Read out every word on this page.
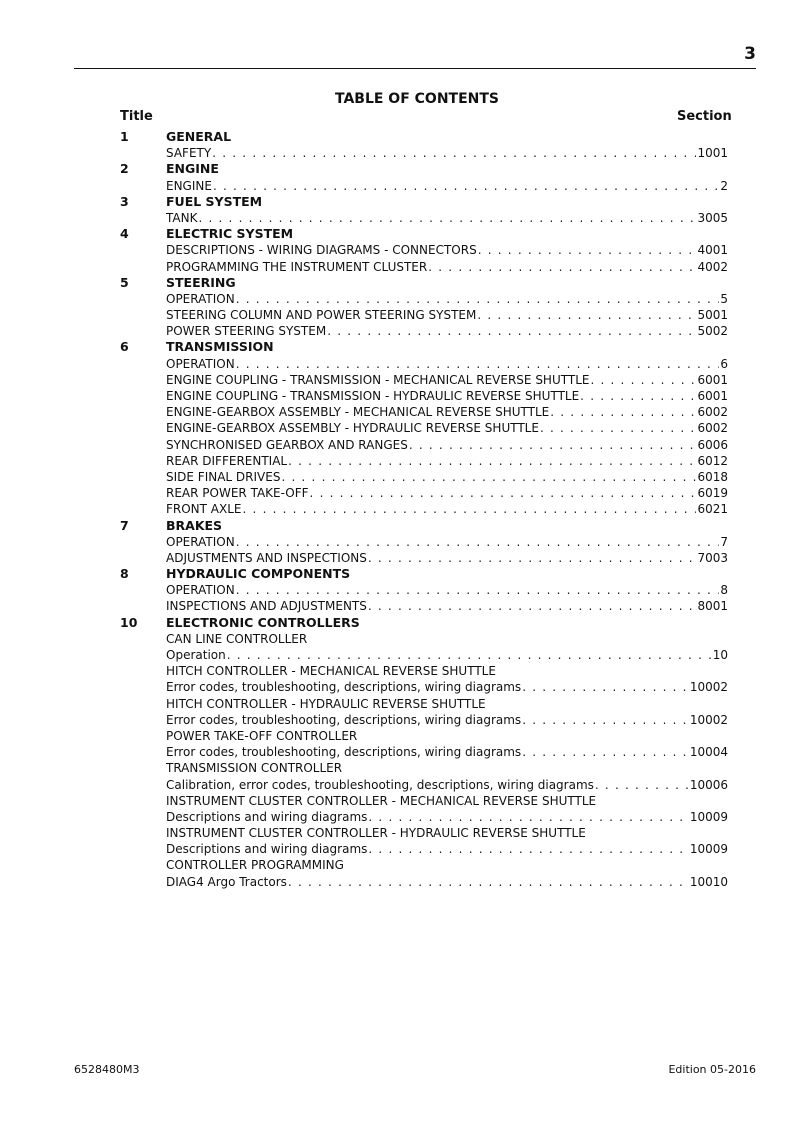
3
TABLE OF CONTENTS
Title	Section
1	GENERAL
SAFETY . . .	1001
2	ENGINE
ENGINE . . .	2
3	FUEL SYSTEM
TANK . . .	3005
4	ELECTRIC SYSTEM
DESCRIPTIONS - WIRING DIAGRAMS - CONNECTORS . . .	4001
PROGRAMMING THE INSTRUMENT CLUSTER . . .	4002
5	STEERING
OPERATION . . .	5
STEERING COLUMN AND POWER STEERING SYSTEM . . .	5001
POWER STEERING SYSTEM . . .	5002
6	TRANSMISSION
OPERATION . . .	6
ENGINE COUPLING - TRANSMISSION - MECHANICAL REVERSE SHUTTLE . . .	6001
ENGINE COUPLING - TRANSMISSION - HYDRAULIC REVERSE SHUTTLE . . .	6001
ENGINE-GEARBOX ASSEMBLY - MECHANICAL REVERSE SHUTTLE . . .	6002
ENGINE-GEARBOX ASSEMBLY - HYDRAULIC REVERSE SHUTTLE . . .	6002
SYNCHRONISED GEARBOX AND RANGES . . .	6006
REAR DIFFERENTIAL . . .	6012
SIDE FINAL DRIVES . . .	6018
REAR POWER TAKE-OFF . . .	6019
FRONT AXLE . . .	6021
7	BRAKES
OPERATION . . .	7
ADJUSTMENTS AND INSPECTIONS . . .	7003
8	HYDRAULIC COMPONENTS
OPERATION . . .	8
INSPECTIONS AND ADJUSTMENTS . . .	8001
10 ELECTRONIC CONTROLLERS
CAN LINE CONTROLLER
Operation . . .	10
HITCH CONTROLLER - MECHANICAL REVERSE SHUTTLE
Error codes, troubleshooting, descriptions, wiring diagrams . . .	10002
HITCH CONTROLLER - HYDRAULIC REVERSE SHUTTLE
Error codes, troubleshooting, descriptions, wiring diagrams . . .	10002
POWER TAKE-OFF CONTROLLER
Error codes, troubleshooting, descriptions, wiring diagrams . . .	10004
TRANSMISSION CONTROLLER
Calibration, error codes, troubleshooting, descriptions, wiring diagrams . . .	10006
INSTRUMENT CLUSTER CONTROLLER - MECHANICAL REVERSE SHUTTLE
Descriptions and wiring diagrams . . .	10009
INSTRUMENT CLUSTER CONTROLLER - HYDRAULIC REVERSE SHUTTLE
Descriptions and wiring diagrams . . .	10009
CONTROLLER PROGRAMMING
DIAG4 Argo Tractors . . .	10010
6528480M3	Edition 05-2016
